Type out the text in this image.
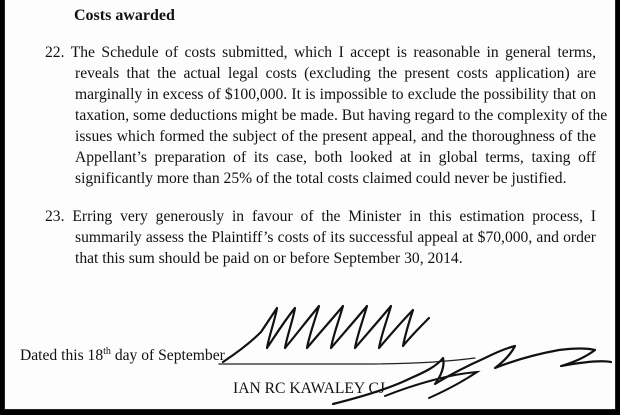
Costs awarded

22. The Schedule of costs submitted, which I accept is reasonable in general terms,
reveals that the actual legal costs (excluding the present costs application) are
marginally in excess of $100,000. It is impossible to exclude the possibility that on
taxation, some deductions might be made. But having regard to the complexity of the
issues which formed the subject of the present appeal, and the thoroughness of the
Appellant’s preparation of its case, both looked at in global terms, taxing off
significantly more than 25% of the total costs claimed could never be justified.
23. Erring very generously in favour of the Minister in this estimation process, I
summarily assess the Plaintiff’s costs of its successful appeal at $70,000, and order
that this sum should be paid on or before September 30, 2014.

Dated this 18th day of September

IAN RC KAWALEY CJ
